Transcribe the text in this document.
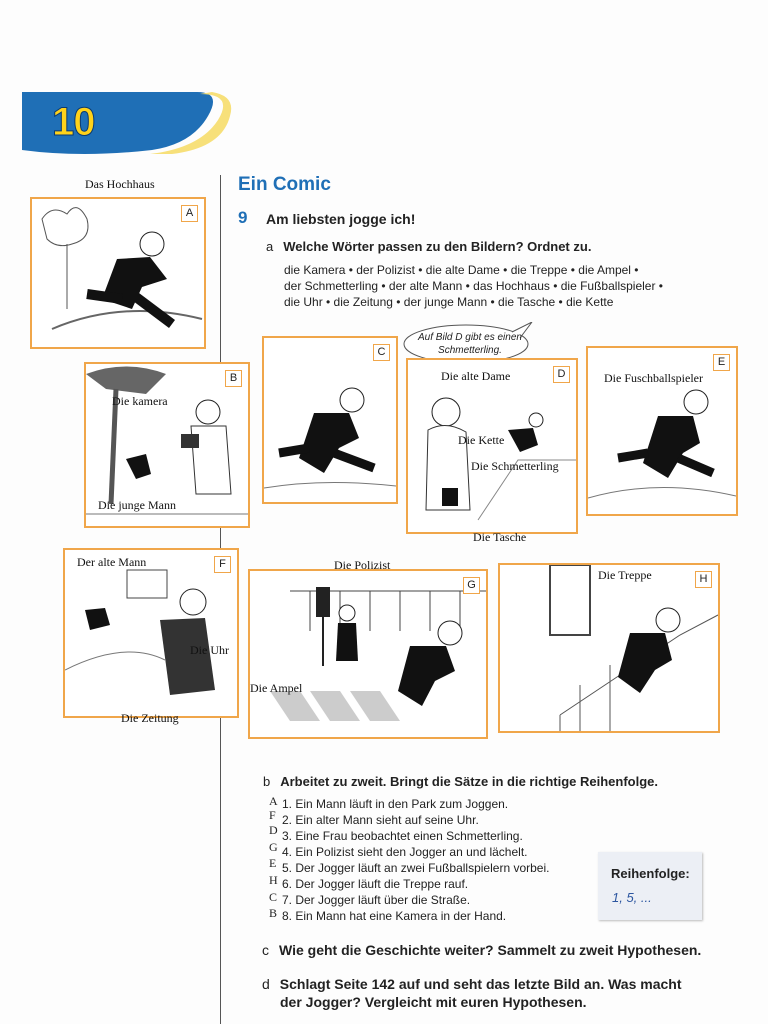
10
Ein Comic
9 Am liebsten jogge ich!
a Welche Wörter passen zu den Bildern? Ordnet zu.
die Kamera • der Polizist • die alte Dame • die Treppe • die Ampel •
der Schmetterling • der alte Mann • das Hochhaus • die Fußballspieler •
die Uhr • die Zeitung • der junge Mann • die Tasche • die Kette
Auf Bild D gibt es einen Schmetterling.
A
Das Hochhaus
B
Die kamera
Die junge Mann
C
D
Die alte Dame
Die Kette
Die Schmetterling
Die Tasche
E
Die Fuschballspieler
F
Der alte Mann
Die Uhr
Die Zeitung
G
Die Polizist
Die Ampel
H
Die Treppe
b Arbeitet zu zweit. Bringt die Sätze in die richtige Reihenfolge.
A
F
D
G
E
H
C
B
1. Ein Mann läuft in den Park zum Joggen.
2. Ein alter Mann sieht auf seine Uhr.
3. Eine Frau beobachtet einen Schmetterling.
4. Ein Polizist sieht den Jogger an und lächelt.
5. Der Jogger läuft an zwei Fußballspielern vorbei.
6. Der Jogger läuft die Treppe rauf.
7. Der Jogger läuft über die Straße.
8. Ein Mann hat eine Kamera in der Hand.
Reihenfolge:
1, 5, ...
c Wie geht die Geschichte weiter? Sammelt zu zweit Hypothesen.
d Schlagt Seite 142 auf und seht das letzte Bild an. Was macht
der Jogger? Vergleicht mit euren Hypothesen.
